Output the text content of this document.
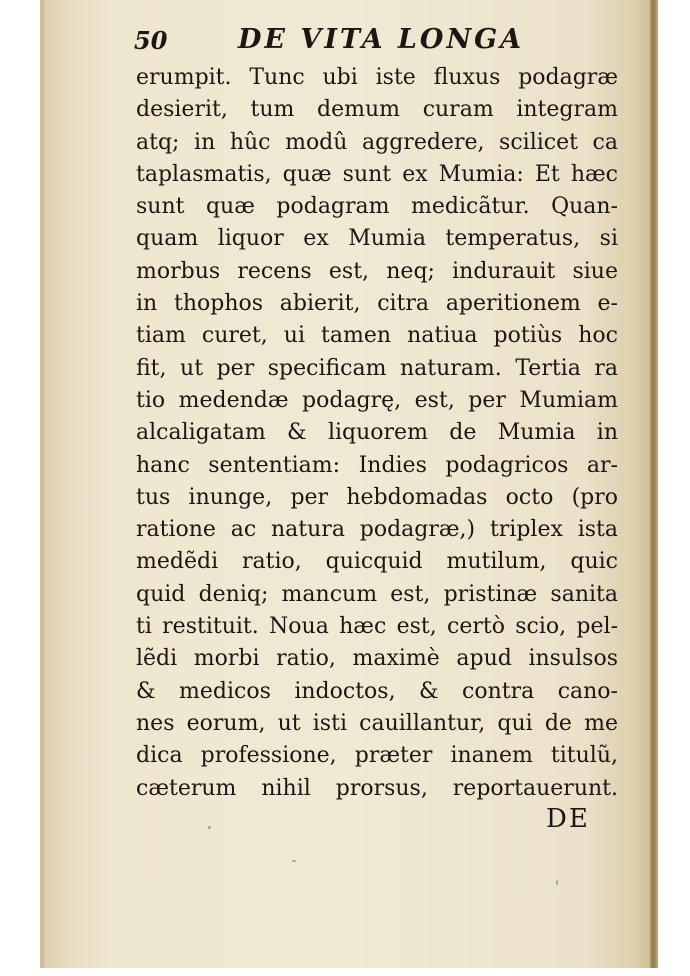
50	DE VITA LONGA
erumpit. Tunc ubi iste fluxus podagræ
desierit, tum demum curam integram
atq; in hûc modû aggredere, scilicet ca
taplasmatis, quæ sunt ex Mumia: Et hæc
sunt quæ podagram medicãtur. Quan-
quam liquor ex Mumia temperatus, si
morbus recens est, neq; indurauit siue
in thophos abierit, citra aperitionem e-
tiam curet, ui tamen natiua potiùs hoc
fit, ut per specificam naturam. Tertia ra
tio medendæ podagrę, est, per Mumiam
alcaligatam & liquorem de Mumia in
hanc sententiam: Indies podagricos ar-
tus inunge, per hebdomadas octo (pro
ratione ac natura podagræ,) triplex ista
medẽdi ratio, quicquid mutilum, quic
quid deniq; mancum est, pristinæ sanita
ti restituit. Noua hæc est, certò scio, pel-
lẽdi morbi ratio, maximè apud insulsos
& medicos indoctos, & contra cano-
nes eorum, ut isti cauillantur, qui de me
dica professione, præter inanem titulũ,
cæterum nihil prorsus, reportauerunt.
DE
